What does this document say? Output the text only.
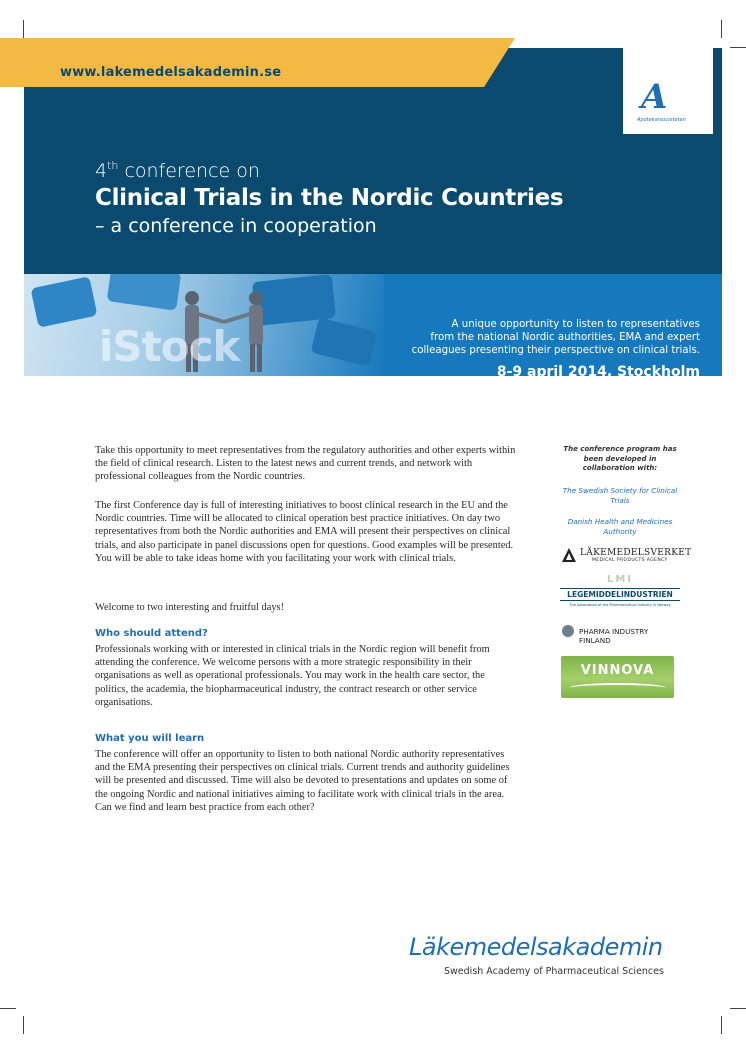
www.lakemedelsakademin.se
A
Apotekarsocieteten
4th conference on
Clinical Trials in the Nordic Countries
– a conference in cooperation
iStock	A unique opportunity to listen to representatives
from the national Nordic authorities, EMA and expert
colleagues presenting their perspective on clinical trials.
8-9 april 2014, Stockholm
Take this opportunity to meet representatives from the regulatory authorities and other experts within the field of clinical research. Listen to the latest news and current trends, and network with professional colleagues from the Nordic countries.
The first Conference day is full of interesting initiatives to boost clinical research in the EU and the Nordic countries. Time will be allocated to clinical operation best practice initiatives. On day two representatives from both the Nordic authorities and EMA will present their perspectives on clinical trials, and also participate in panel discussions open for questions. Good examples will be presented. You will be able to take ideas home with you facilitating your work with clinical trials.
Welcome to two interesting and fruitful days!
Who should attend?
Professionals working with or interested in clinical trials in the Nordic region will benefit from attending the conference. We welcome persons with a more strategic responsibility in their organisations as well as operational professionals. You may work in the health care sector, the politics, the academia, the biopharmaceutical industry, the contract research or other service organisations.
What you will learn
The conference will offer an opportunity to listen to both national Nordic authority representatives and the EMA presenting their perspectives on clinical trials. Current trends and authority guidelines will be presented and discussed. Time will also be devoted to presentations and updates on some of the ongoing Nordic and national initiatives aiming to facilitate work with clinical trials in the area. Can we find and learn best practice from each other?
The conference program has been developed in collaboration with:
The Swedish Society for Clinical Trials
Danish Health and Medicines Authority
LÄKEMEDELSVERKET
MEDICAL PRODUCTS AGENCY
LMI
LEGEMIDDELINDUSTRIEN
The Association of the Pharmaceutical Industry in Norway
PHARMA INDUSTRY FINLAND
VINNOVA
Läkemedelsakademin
Swedish Academy of Pharmaceutical Sciences
